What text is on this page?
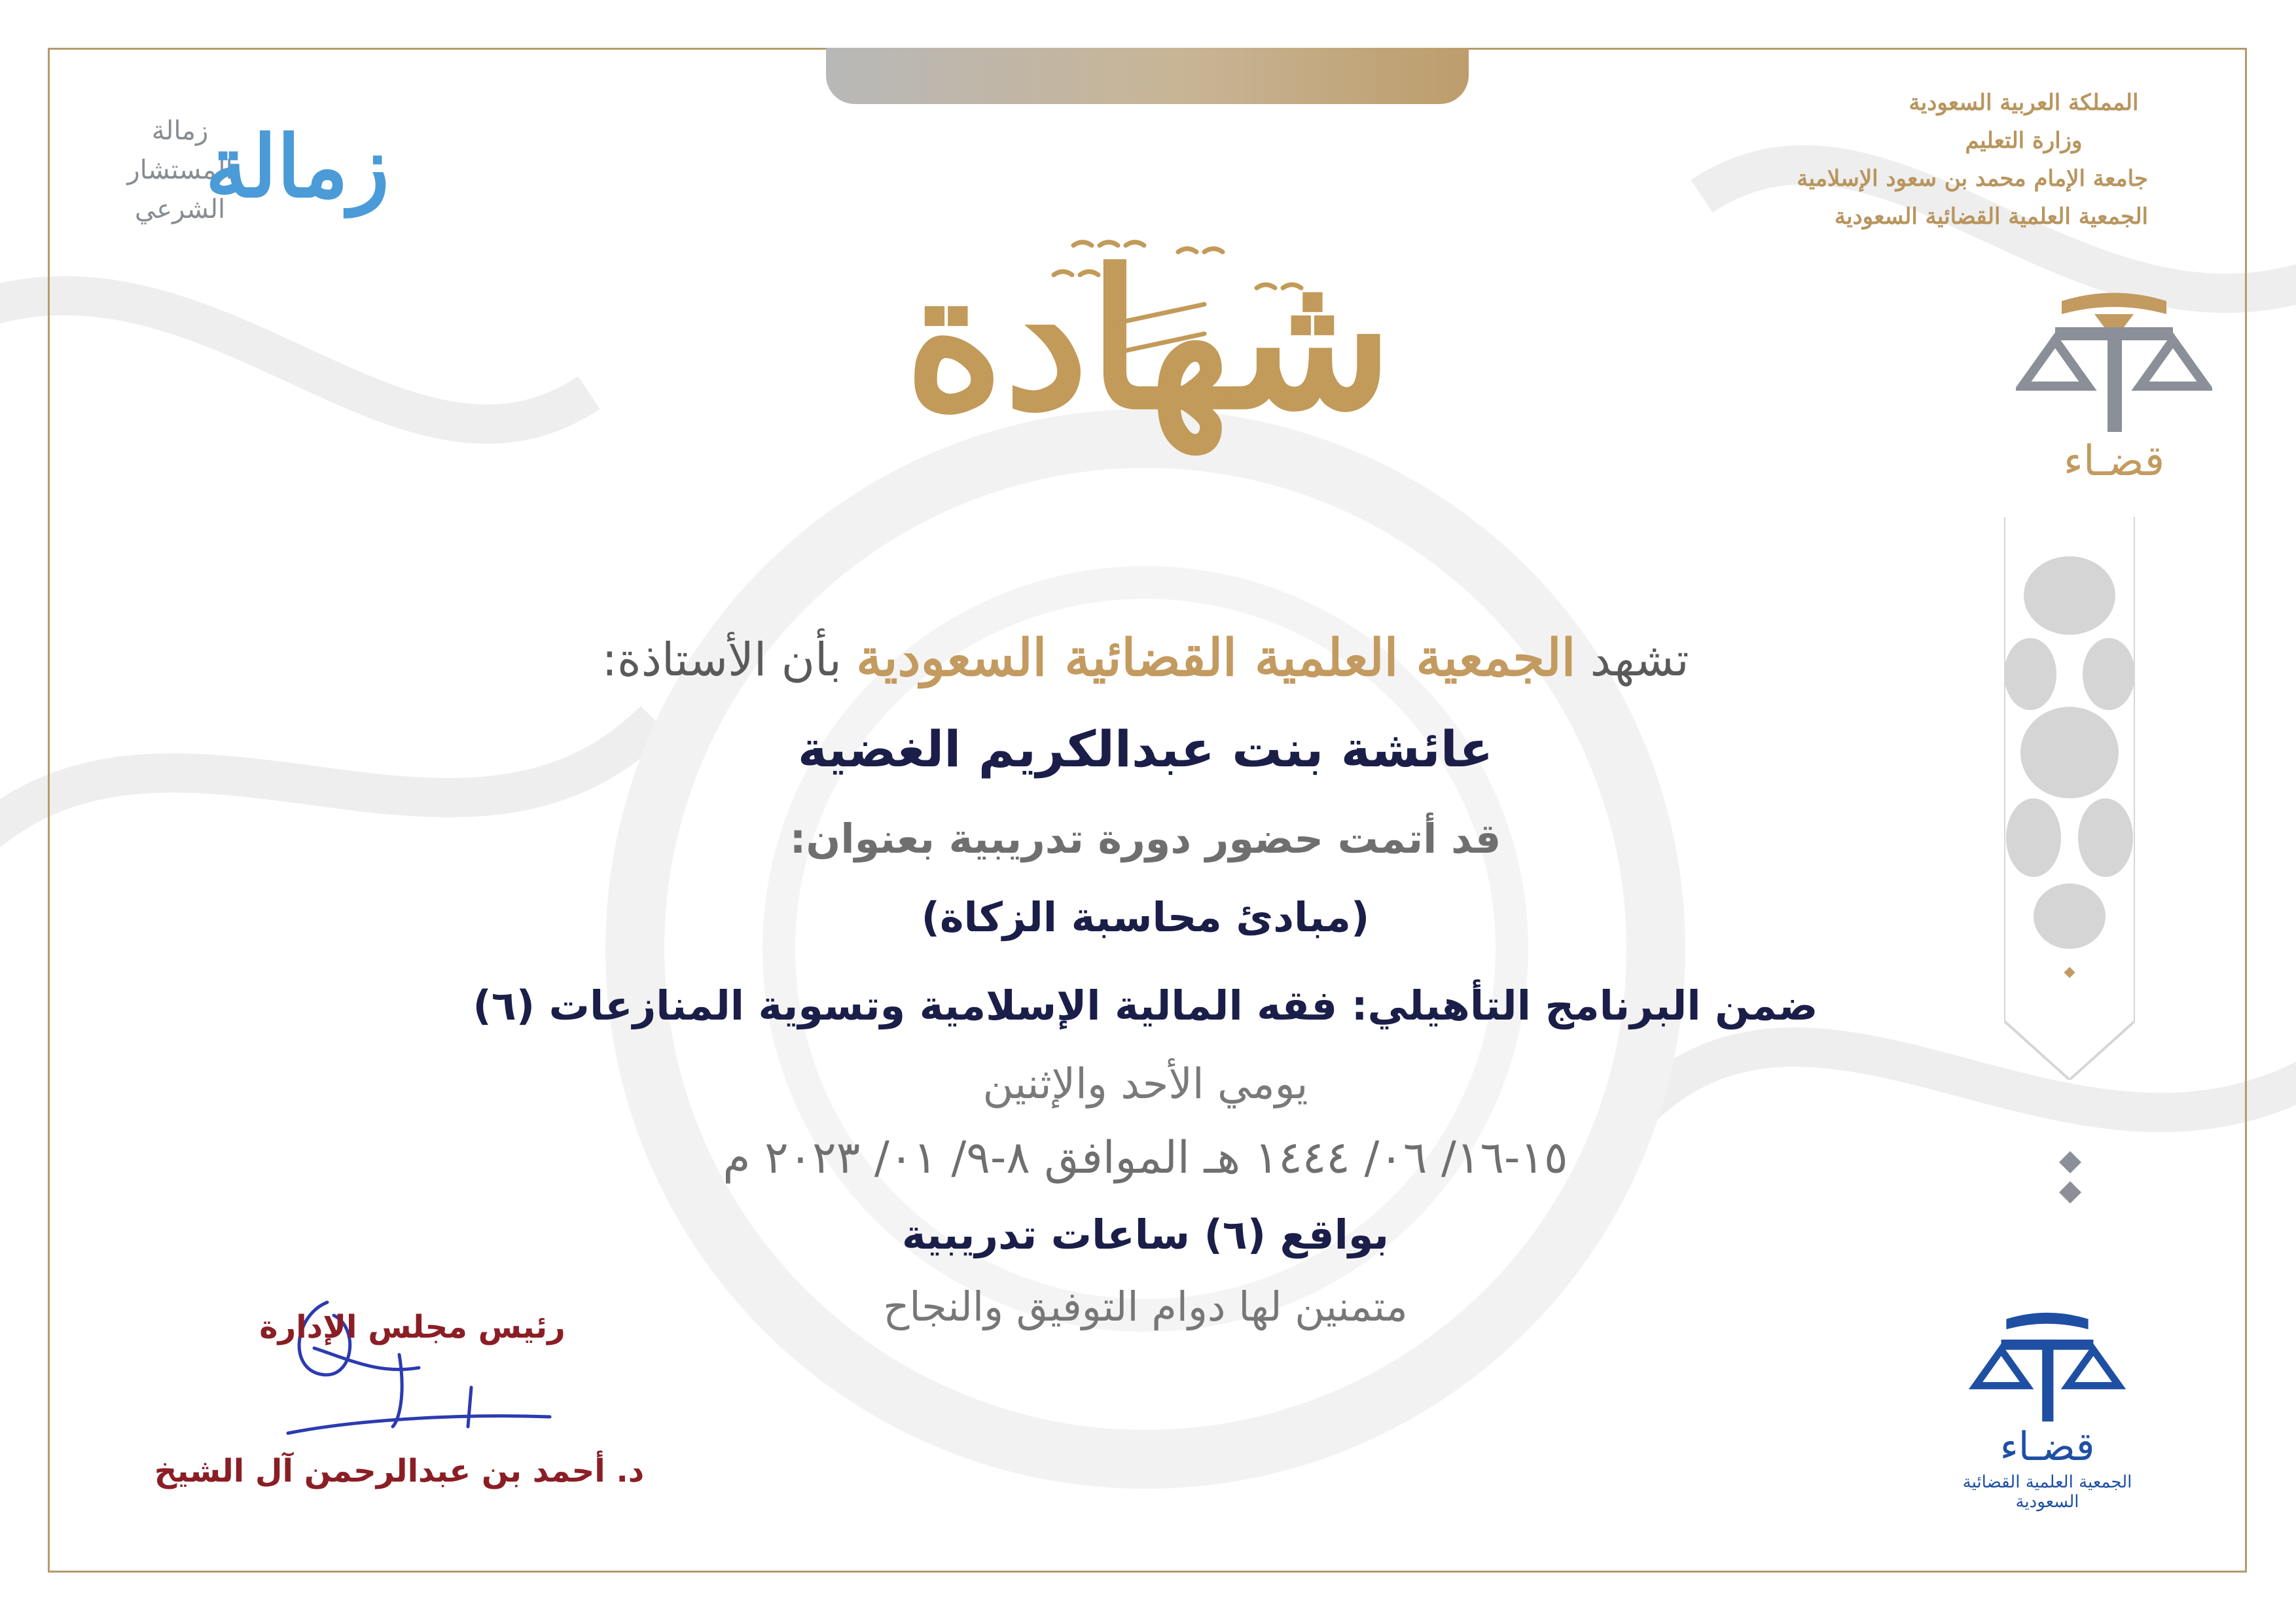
المملكة العربية السعودية
وزارة التعليم
جامعة الإمام محمد بن سعود الإسلامية
الجمعية العلمية القضائية السعودية
قضـاء
زمالة
المستشار
الشرعي
زمالة
شهادة
تشهد الجمعية العلمية القضائية السعودية بأن الأستاذة:
عائشة بنت عبدالكريم الغضية
قد أتمت حضور دورة تدريبية بعنوان:
(مبادئ محاسبة الزكاة)
ضمن البرنامج التأهيلي: فقه المالية الإسلامية وتسوية المنازعات (٦)
يومي الأحد والإثنين
١٥-١٦/ ٠٦/ ١٤٤٤ هـ الموافق ٨-٩/ ٠١/ ٢٠٢٣ م
بواقع (٦) ساعات تدريبية
متمنين لها دوام التوفيق والنجاح
رئيس مجلس الإدارة
د. أحمد بن عبدالرحمن آل الشيخ
قضـاء
الجمعية العلمية القضائية السعودية
